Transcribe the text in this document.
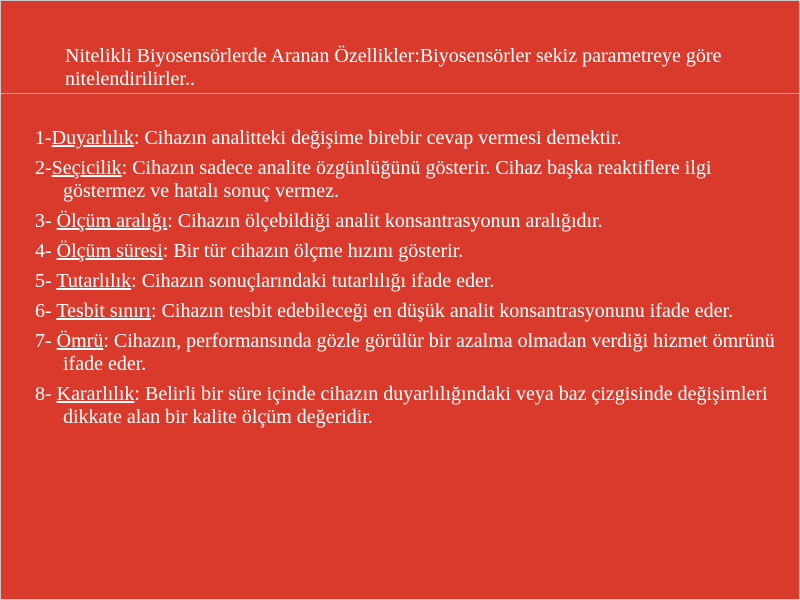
Nitelikli Biyosensörlerde Aranan Özellikler:Biyosensörler sekiz parametreye göre nitelendirilirler..
1-Duyarlılık: Cihazın analitteki değişime birebir cevap vermesi demektir.
2-Seçicilik: Cihazın sadece analite özgünlüğünü gösterir. Cihaz başka reaktiflere ilgi göstermez ve hatalı sonuç vermez.
3- Ölçüm aralığı: Cihazın ölçebildiği analit konsantrasyonun aralığıdır.
4- Ölçüm süresi: Bir tür cihazın ölçme hızını gösterir.
5- Tutarlılık: Cihazın sonuçlarındaki tutarlılığı ifade eder.
6- Tesbit sınırı: Cihazın tesbit edebileceği en düşük analit konsantrasyonunu ifade eder.
7- Ömrü: Cihazın, performansında gözle görülür bir azalma olmadan verdiği hizmet ömrünü ifade eder.
8- Kararlılık: Belirli bir süre içinde cihazın duyarlılığındaki veya baz çizgisinde değişimleri dikkate alan bir kalite ölçüm değeridir.
